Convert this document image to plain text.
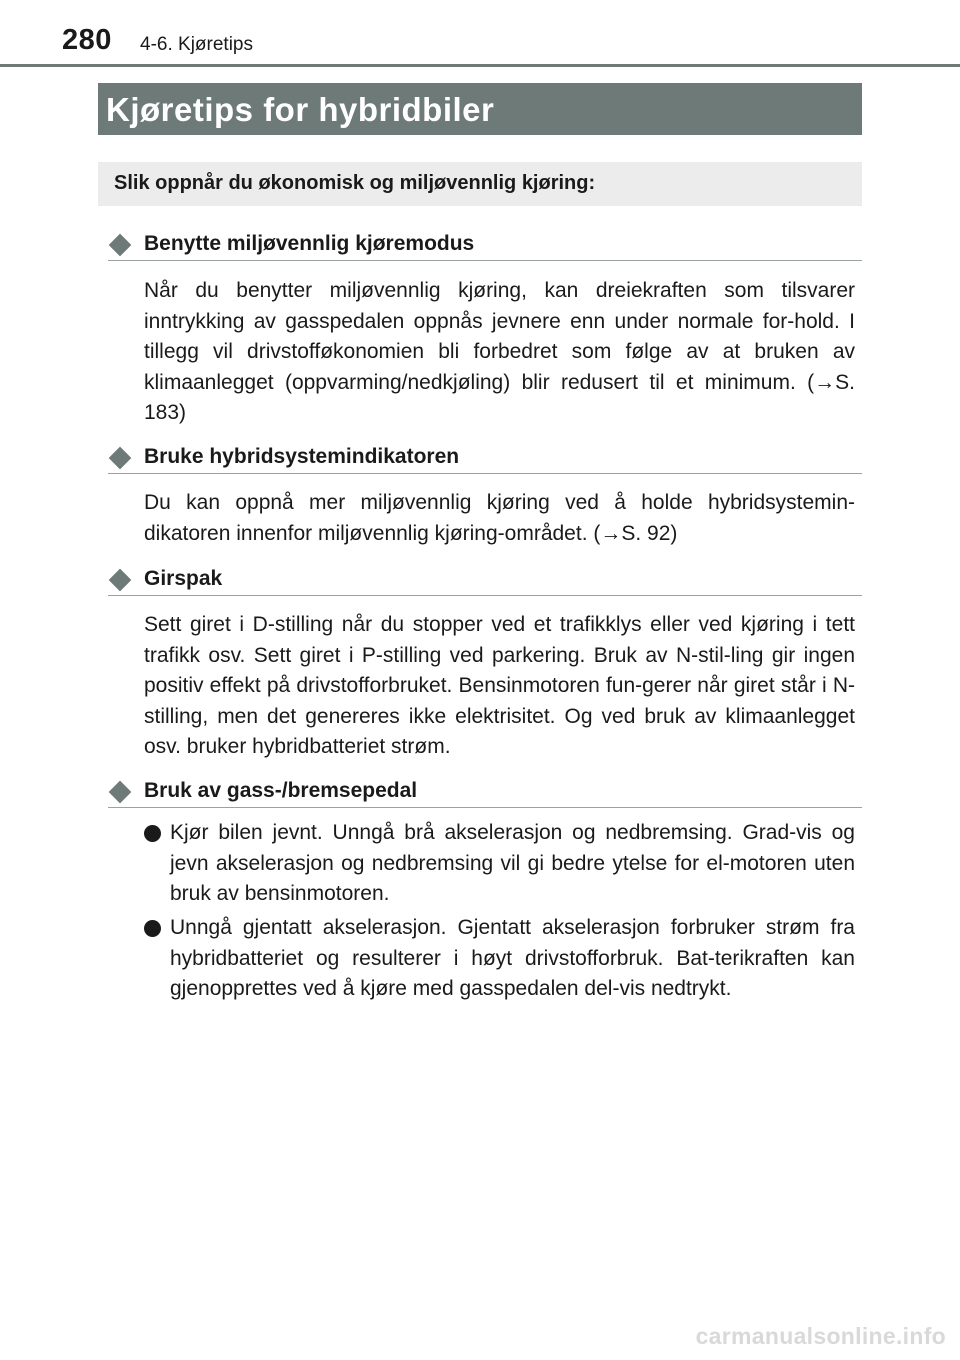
280 4-6. Kjøretips
Kjøretips for hybridbiler
Slik oppnår du økonomisk og miljøvennlig kjøring:
Benytte miljøvennlig kjøremodus

Når du benytter miljøvennlig kjøring, kan dreiekraften som tilsvarer inntrykking av gasspedalen oppnås jevnere enn under normale for-hold. I tillegg vil drivstofføkonomien bli forbedret som følge av at bruken av klimaanlegget (oppvarming/nedkjøling) blir redusert til et minimum. (→S. 183)

Bruke hybridsystemindikatoren

Du kan oppnå mer miljøvennlig kjøring ved å holde hybridsystemin-dikatoren innenfor miljøvennlig kjøring-området. (→S. 92)

Girspak

Sett giret i D-stilling når du stopper ved et trafikklys eller ved kjøring i tett trafikk osv. Sett giret i P-stilling ved parkering. Bruk av N-stil-ling gir ingen positiv effekt på drivstofforbruket. Bensinmotoren fun-gerer når giret står i N-stilling, men det genereres ikke elektrisitet. Og ved bruk av klimaanlegget osv. bruker hybridbatteriet strøm.

Bruk av gass-/bremsepedal

Kjør bilen jevnt. Unngå brå akselerasjon og nedbremsing. Grad-vis og jevn akselerasjon og nedbremsing vil gi bedre ytelse for el-motoren uten bruk av bensinmotoren.

Unngå gjentatt akselerasjon. Gjentatt akselerasjon forbruker strøm fra hybridbatteriet og resulterer i høyt drivstofforbruk. Bat-terikraften kan gjenopprettes ved å kjøre med gasspedalen del-vis nedtrykt.

carmanualsonline.info
